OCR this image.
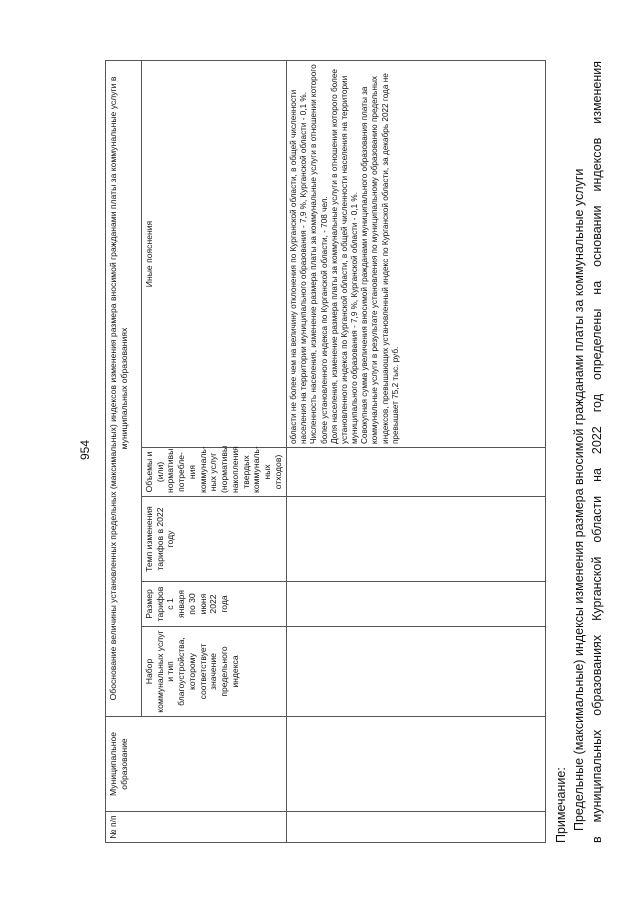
954
№ п/п	Муниципальное образование	Обоснование величины установленных предельных (максимальных) индексов изменения размера вносимой гражданами платы за коммунальные услуги в муниципальных образованиях				
		Набор коммунальных услуг и тип благоустройства, которому соответствует значение предельного индекса	Размер тарифов с 1 января по 30 июня 2022 года	Темп изменения тарифов в 2022 году	Объемы и (или) нормативы потребле-ния коммуналь-ных услуг (нормативы накопления твердых коммуналь-ных отходов)	Иные пояснения

						области не более чем на величину отклонения по Курганской области, в общей численности населения на территории муниципального образования - 7,9 %, Курганской области - 0,1 %. Численность населения, изменение размера платы за коммунальные услуги в отношении которого более установленного индекса по Курганской области, - 708 чел. Доля населения, изменение размера платы за коммунальные услуги в отношении которого более установленного индекса по Курганской области, в общей численности населения на территории муниципального образования - 7,9 %, Курганской области - 0,1 %. Совокупная сумма увеличения вносимой гражданами муниципального образования платы за коммунальные услуги в результате установления по муниципальному образованию предельных индексов, превышающих установленный индекс по Курганской области, за декабрь 2022 года не превышает 75,2 тыс. руб.

Примечание: Предельные (максимальные) индексы изменения размера вносимой гражданами платы за коммунальные услуги в муниципальных образованиях Курганской области на 2022 год определены на основании индексов изменения
